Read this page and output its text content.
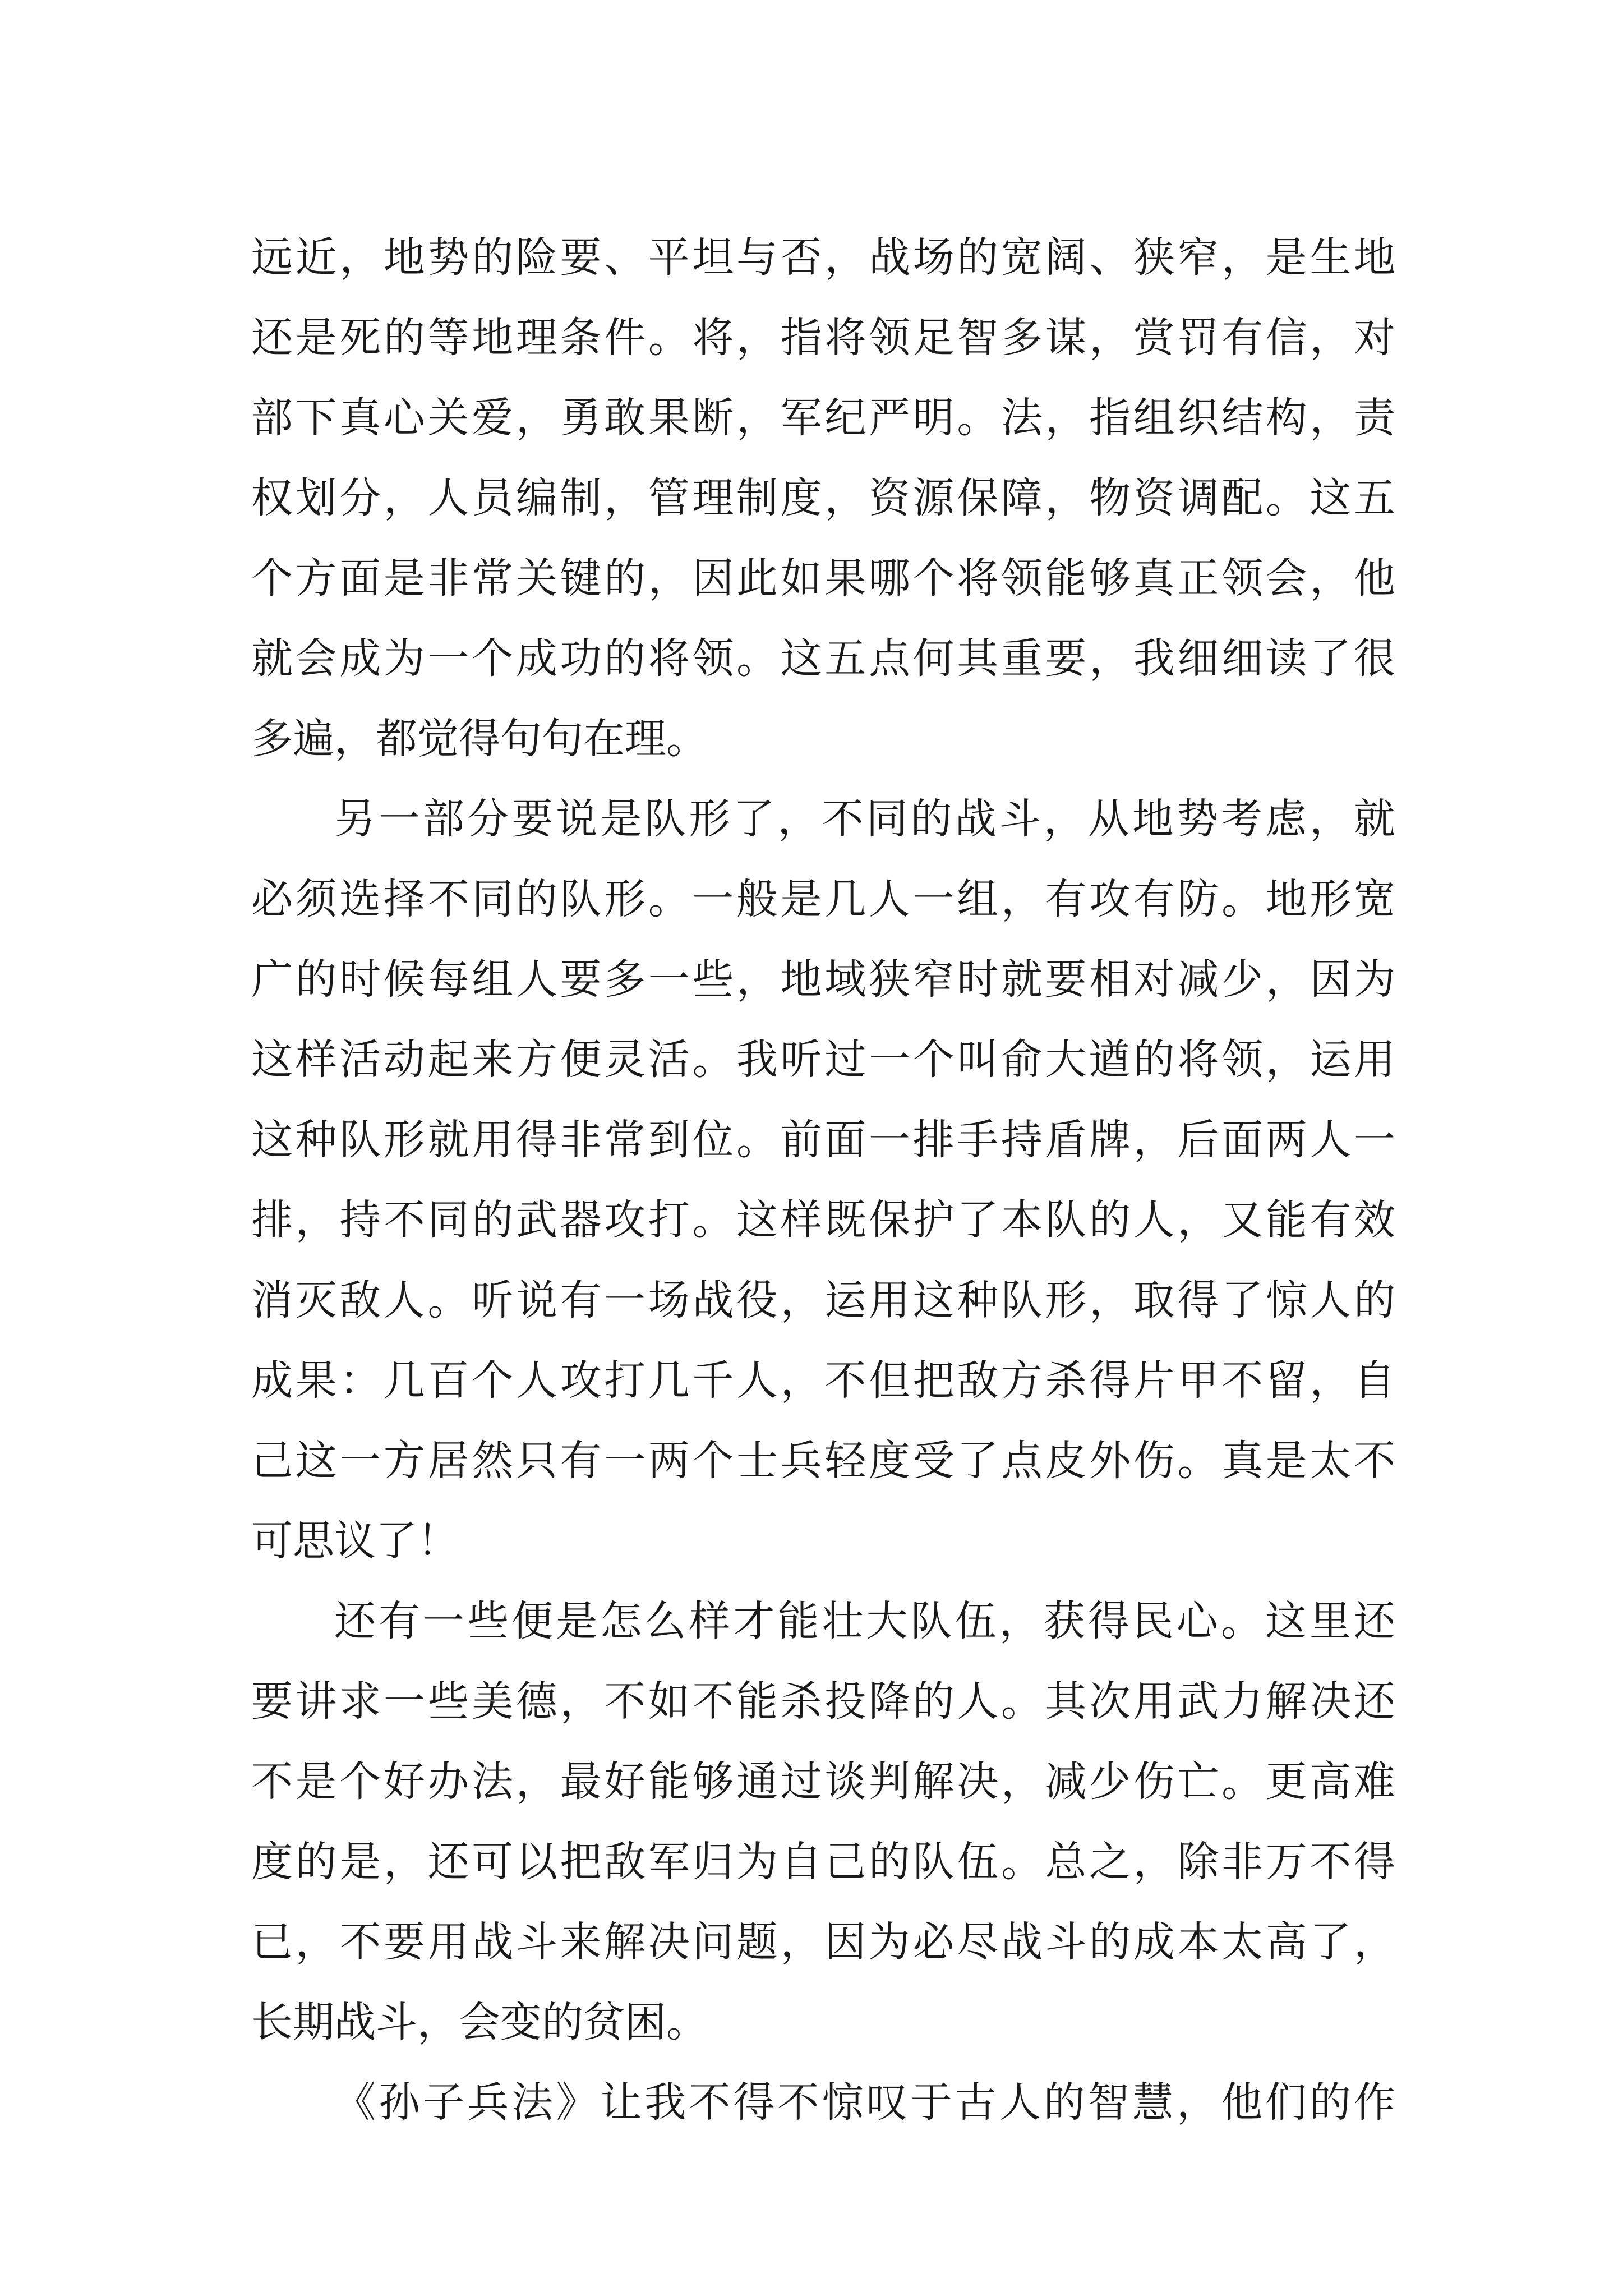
远近，地势的险要、平坦与否，战场的宽阔、狭窄，是生地
还是死的等地理条件。将，指将领足智多谋，赏罚有信，对
部下真心关爱，勇敢果断，军纪严明。法，指组织结构，责
权划分，人员编制，管理制度，资源保障，物资调配。这五
个方面是非常关键的，因此如果哪个将领能够真正领会，他
就会成为一个成功的将领。这五点何其重要，我细细读了很
多遍，都觉得句句在理。
另一部分要说是队形了，不同的战斗，从地势考虑，就
必须选择不同的队形。一般是几人一组，有攻有防。地形宽
广的时候每组人要多一些，地域狭窄时就要相对减少，因为
这样活动起来方便灵活。我听过一个叫俞大遒的将领，运用
这种队形就用得非常到位。前面一排手持盾牌，后面两人一
排，持不同的武器攻打。这样既保护了本队的人，又能有效
消灭敌人。听说有一场战役，运用这种队形，取得了惊人的
成果：几百个人攻打几千人，不但把敌方杀得片甲不留，自
己这一方居然只有一两个士兵轻度受了点皮外伤。真是太不
可思议了！
还有一些便是怎么样才能壮大队伍，获得民心。这里还
要讲求一些美德，不如不能杀投降的人。其次用武力解决还
不是个好办法，最好能够通过谈判解决，减少伤亡。更高难
度的是，还可以把敌军归为自己的队伍。总之，除非万不得
已，不要用战斗来解决问题，因为必尽战斗的成本太高了，
长期战斗，会变的贫困。
《孙子兵法》让我不得不惊叹于古人的智慧，他们的作
